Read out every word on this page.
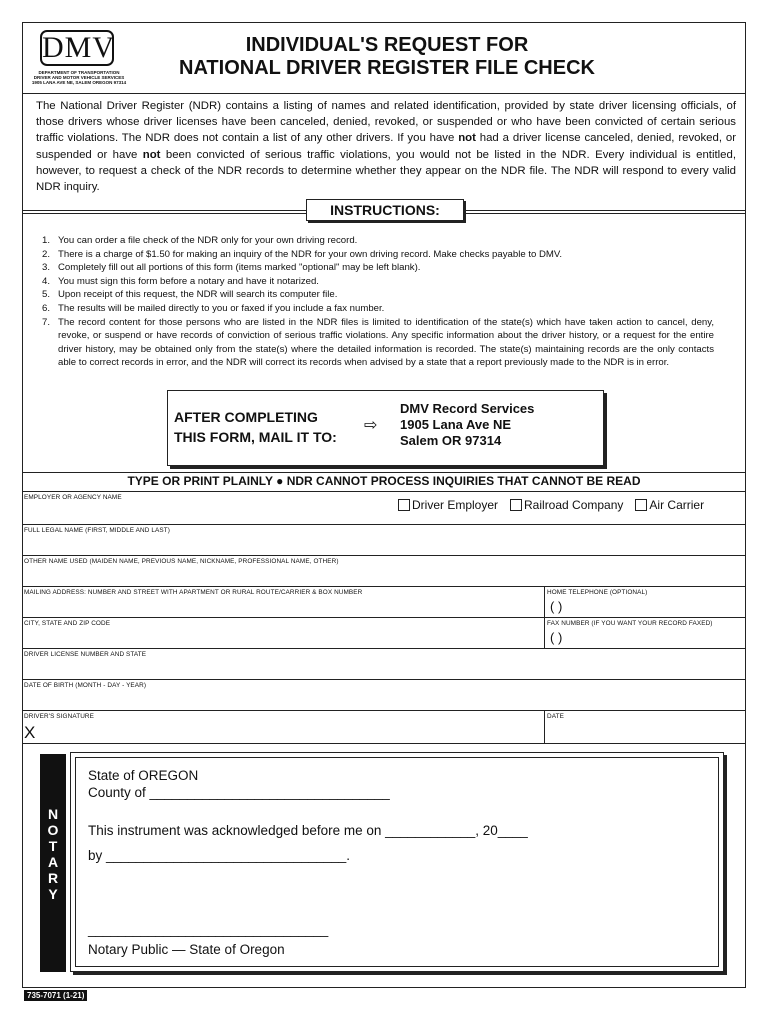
DMV
DEPARTMENT OF TRANSPORTATION
DRIVER AND MOTOR VEHICLE SERVICES
1905 LANA AVE NE, SALEM OREGON 97314
INDIVIDUAL'S REQUEST FOR
NATIONAL DRIVER REGISTER FILE CHECK
The National Driver Register (NDR) contains a listing of names and related identification, provided by state driver licensing officials, of those drivers whose driver licenses have been canceled, denied, revoked, or suspended or who have been convicted of certain serious traffic violations. The NDR does not contain a list of any other drivers. If you have not had a driver license canceled, denied, revoked, or suspended or have not been convicted of serious traffic violations, you would not be listed in the NDR. Every individual is entitled, however, to request a check of the NDR records to determine whether they appear on the NDR file. The NDR will respond to every valid NDR inquiry.
INSTRUCTIONS:
1. You can order a file check of the NDR only for your own driving record.
2. There is a charge of $1.50 for making an inquiry of the NDR for your own driving record. Make checks payable to DMV.
3. Completely fill out all portions of this form (items marked "optional" may be left blank).
4. You must sign this form before a notary and have it notarized.
5. Upon receipt of this request, the NDR will search its computer file.
6. The results will be mailed directly to you or faxed if you include a fax number.
7. The record content for those persons who are listed in the NDR files is limited to identification of the state(s) which have taken action to cancel, deny, revoke, or suspend or have records of conviction of serious traffic violations. Any specific information about the driver history, or a request for the entire driver history, may be obtained only from the state(s) where the detailed information is recorded. The state(s) maintaining records are the only contacts able to correct records in error, and the NDR will correct its records when advised by a state that a report previously made to the NDR is in error.
AFTER COMPLETING
THIS FORM, MAIL IT TO:
⇨
DMV Record Services
1905 Lana Ave NE
Salem OR 97314
TYPE OR PRINT PLAINLY ● NDR CANNOT PROCESS INQUIRIES THAT CANNOT BE READ
EMPLOYER OR AGENCY NAME
Driver Employer Railroad Company Air Carrier
FULL LEGAL NAME (FIRST, MIDDLE AND LAST)
OTHER NAME USED (MAIDEN NAME, PREVIOUS NAME, NICKNAME, PROFESSIONAL NAME, OTHER)
MAILING ADDRESS: NUMBER AND STREET WITH APARTMENT OR RURAL ROUTE/CARRIER & BOX NUMBER	HOME TELEPHONE (OPTIONAL)
( )
CITY, STATE AND ZIP CODE	FAX NUMBER (IF YOU WANT YOUR RECORD FAXED)
( )
DRIVER LICENSE NUMBER AND STATE
DATE OF BIRTH (MONTH - DAY - YEAR)
DRIVER'S SIGNATURE
X
DATE
N
O
T
A
R
Y
State of OREGON
County of ________________________________
This instrument was acknowledged before me on ____________, 20____
by ________________________________.
________________________________
Notary Public — State of Oregon
735-7071 (1-21)
